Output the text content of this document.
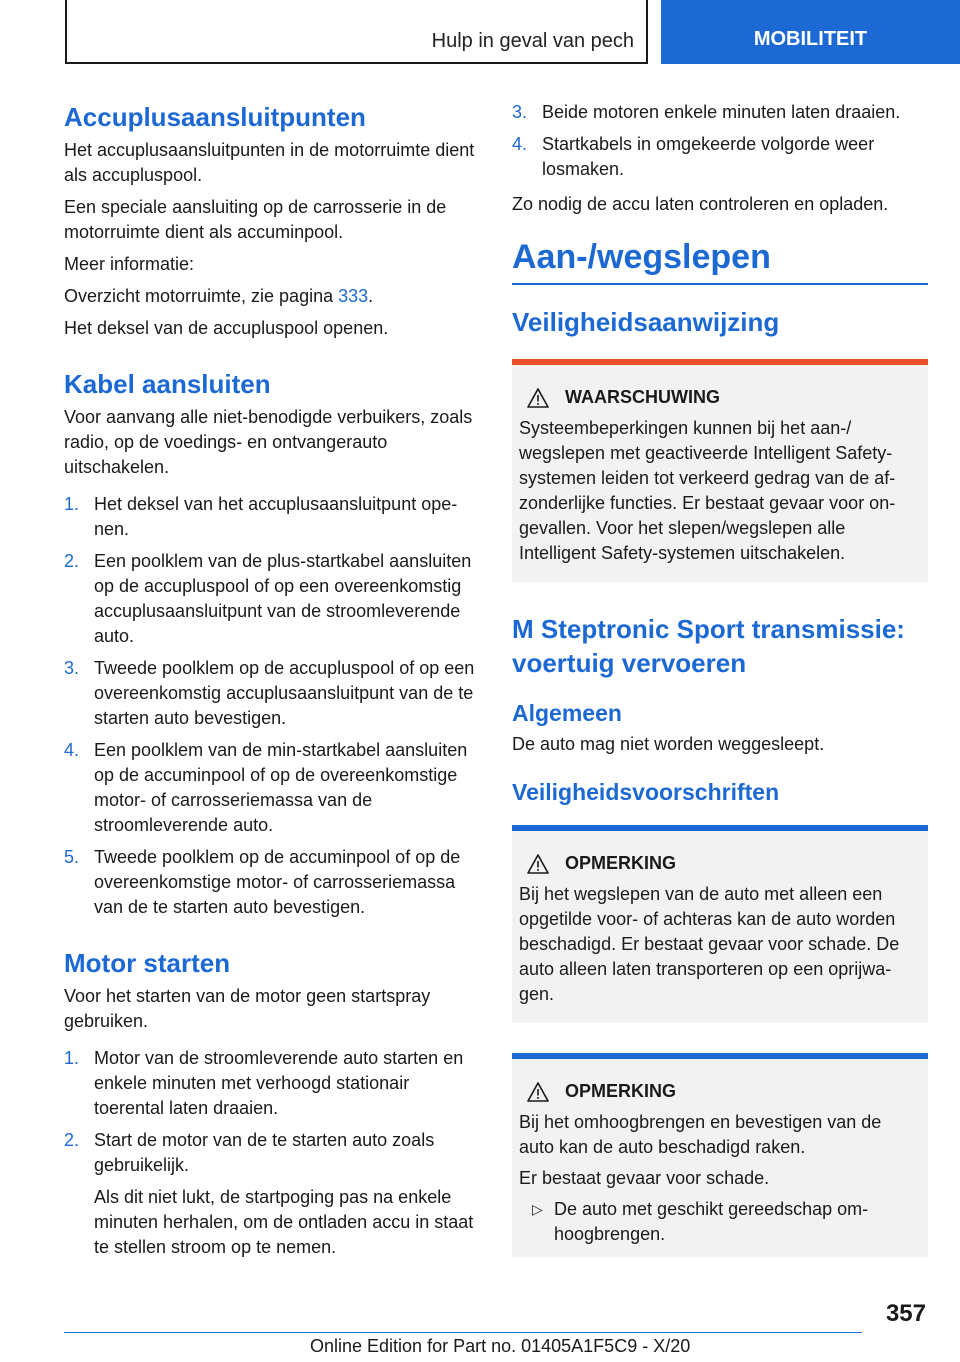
Hulp in geval van pech	MOBILITEIT
Accuplusaansluitpunten

Het accuplusaansluitpunten in de motorruimte dient als accupluspool.

Een speciale aansluiting op de carrosserie in de motorruimte dient als accuminpool.

Meer informatie:

Overzicht motorruimte, zie pagina 333.

Het deksel van de accupluspool openen.

Kabel aansluiten

Voor aanvang alle niet-benodigde verbuikers, zoals radio, op de voedings- en ontvangerauto uitschakelen.

1. Het deksel van het accuplusaansluitpunt openen.
2. Een poolklem van de plus-startkabel aansluiten op de accupluspool of op een overeenkomstig accuplusaansluitpunt van de stroomleverende auto.
3. Tweede poolklem op de accupluspool of op een overeenkomstig accuplusaansluitpunt van de te starten auto bevestigen.
4. Een poolklem van de min-startkabel aansluiten op de accuminpool of op de overeenkomstige motor- of carrosseriemassa van de stroomleverende auto.
5. Tweede poolklem op de accuminpool of op de overeenkomstige motor- of carrosseriemassa van de te starten auto bevestigen.
Motor starten

Voor het starten van de motor geen startspray gebruiken.

1. Motor van de stroomleverende auto starten en enkele minuten met verhoogd stationair toerental laten draaien.
2. Start de motor van de te starten auto zoals gebruikelijk.
Als dit niet lukt, de startpoging pas na enkele minuten herhalen, om de ontladen accu in staat te stellen stroom op te nemen.
3. Beide motoren enkele minuten laten draaien.
4. Startkabels in omgekeerde volgorde weer losmaken.

Zo nodig de accu laten controleren en opladen.

Aan-/wegslepen
Veiligheidsaanwijzing
WAARSCHUWING

Systeembeperkingen kunnen bij het aan-/ wegslepen met geactiveerde Intelligent Safety-systemen leiden tot verkeerd gedrag van de afzonderlijke functies. Er bestaat gevaar voor ongevallen. Voor het slepen/wegslepen alle Intelligent Safety-systemen uitschakelen.

M Steptronic Sport transmissie: voertuig vervoeren
Algemeen

De auto mag niet worden weggesleept.

Veiligheidsvoorschriften
OPMERKING

Bij het wegslepen van de auto met alleen een opgetilde voor- of achteras kan de auto worden beschadigd. Er bestaat gevaar voor schade. De auto alleen laten transporteren op een oprijwagen.

OPMERKING

Bij het omhoogbrengen en bevestigen van de auto kan de auto beschadigd raken.

Er bestaat gevaar voor schade.

▷ De auto met geschikt gereedschap omhoogbrengen.
357
Online Edition for Part no. 01405A1F5C9 - X/20
